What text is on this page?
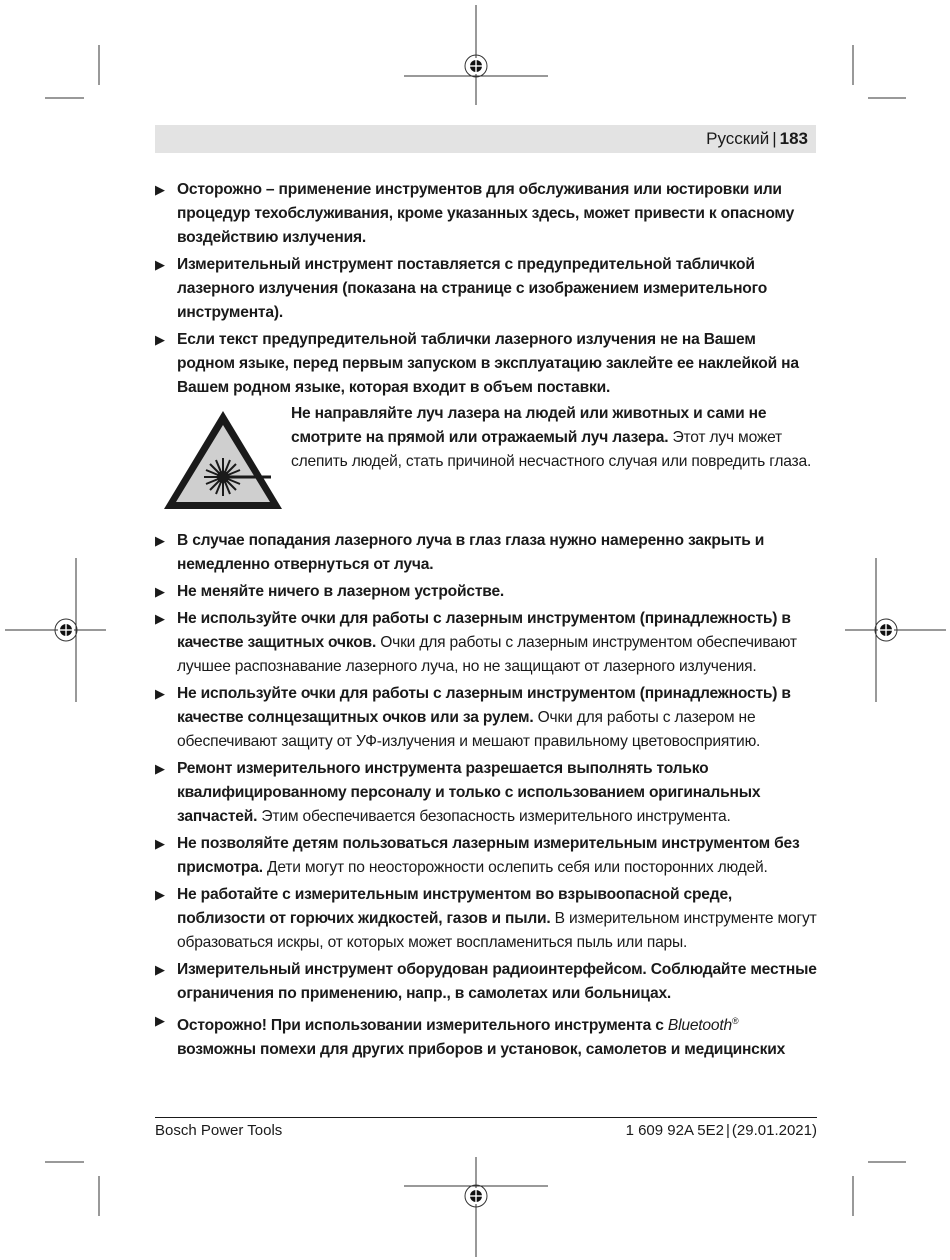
Русский | 183
▶ Осторожно – применение инструментов для обслуживания или юстировки или процедур техобслуживания, кроме указанных здесь, может привести к опасному воздействию излучения.
▶ Измерительный инструмент поставляется с предупредительной табличкой лазерного излучения (показана на странице с изображением измерительного инструмента).
▶ Если текст предупредительной таблички лазерного излучения не на Вашем родном языке, перед первым запуском в эксплуатацию заклейте ее наклейкой на Вашем родном языке, которая входит в объем поставки.
Не направляйте луч лазера на людей или животных и сами не смотрите на прямой или отражаемый луч лазера. Этот луч может слепить людей, стать причиной несчастного случая или повредить глаза.
▶ В случае попадания лазерного луча в глаз глаза нужно намеренно закрыть и немедленно отвернуться от луча.
▶ Не меняйте ничего в лазерном устройстве.
▶ Не используйте очки для работы с лазерным инструментом (принадлежность) в качестве защитных очков. Очки для работы с лазерным инструментом обеспечивают лучшее распознавание лазерного луча, но не защищают от лазерного излучения.
▶ Не используйте очки для работы с лазерным инструментом (принадлежность) в качестве солнцезащитных очков или за рулем. Очки для работы с лазером не обеспечивают защиту от УФ-излучения и мешают правильному цветовосприятию.
▶ Ремонт измерительного инструмента разрешается выполнять только квалифицированному персоналу и только с использованием оригинальных запчастей. Этим обеспечивается безопасность измерительного инструмента.
▶ Не позволяйте детям пользоваться лазерным измерительным инструментом без присмотра. Дети могут по неосторожности ослепить себя или посторонних людей.
▶ Не работайте с измерительным инструментом во взрывоопасной среде, поблизости от горючих жидкостей, газов и пыли. В измерительном инструменте могут образоваться искры, от которых может воспламениться пыль или пары.
▶ Измерительный инструмент оборудован радиоинтерфейсом. Соблюдайте местные ограничения по применению, напр., в самолетах или больницах.
▶ Осторожно! При использовании измерительного инструмента с Bluetooth® возможны помехи для других приборов и установок, самолетов и медицинских
Bosch Power Tools	1 609 92A 5E2 | (29.01.2021)
